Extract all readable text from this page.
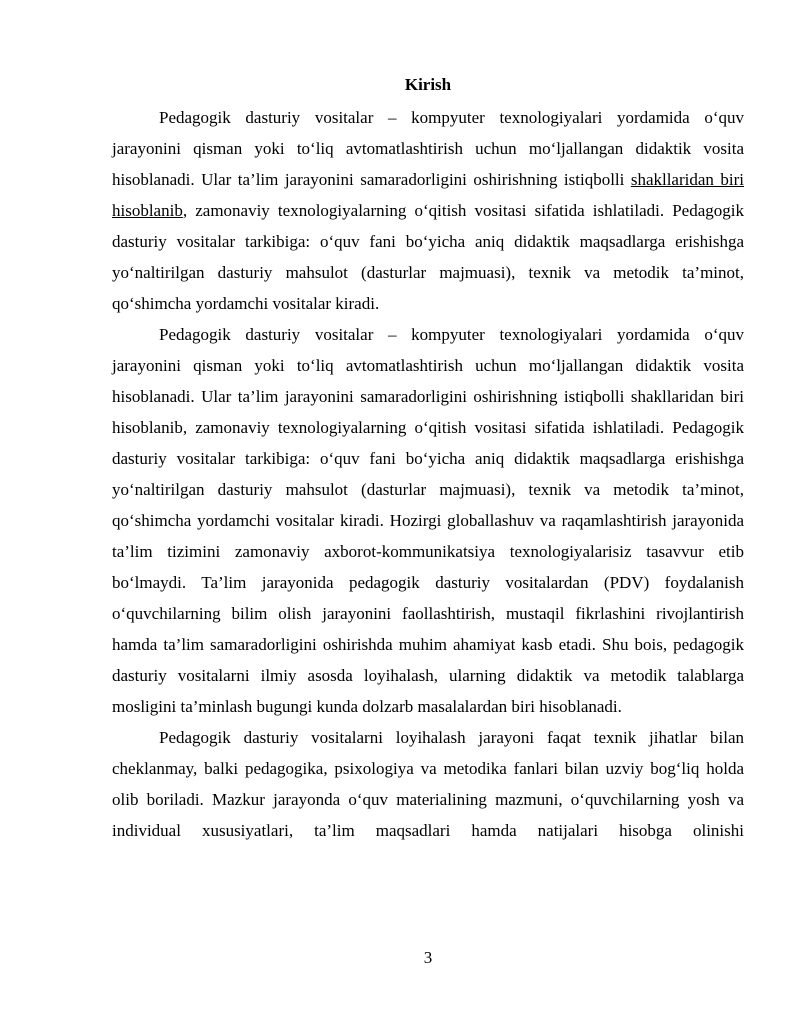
Kirish

Pedagogik dasturiy vositalar – kompyuter texnologiyalari yordamida o‘quv jarayonini qisman yoki to‘liq avtomatlashtirish uchun mo‘ljallangan didaktik vosita hisoblanadi. Ular ta’lim jarayonini samaradorligini oshirishning istiqbolli shakllaridan biri hisoblanib, zamonaviy texnologiyalarning o‘qitish vositasi sifatida ishlatiladi. Pedagogik dasturiy vositalar tarkibiga: o‘quv fani bo‘yicha aniq didaktik maqsadlarga erishishga yo‘naltirilgan dasturiy mahsulot (dasturlar majmuasi), texnik va metodik ta’minot, qo‘shimcha yordamchi vositalar kiradi.

Pedagogik dasturiy vositalar – kompyuter texnologiyalari yordamida o‘quv jarayonini qisman yoki to‘liq avtomatlashtirish uchun mo‘ljallangan didaktik vosita hisoblanadi. Ular ta’lim jarayonini samaradorligini oshirishning istiqbolli shakllaridan biri hisoblanib, zamonaviy texnologiyalarning o‘qitish vositasi sifatida ishlatiladi. Pedagogik dasturiy vositalar tarkibiga: o‘quv fani bo‘yicha aniq didaktik maqsadlarga erishishga yo‘naltirilgan dasturiy mahsulot (dasturlar majmuasi), texnik va metodik ta’minot, qo‘shimcha yordamchi vositalar kiradi. Hozirgi globallashuv va raqamlashtirish jarayonida ta’lim tizimini zamonaviy axborot-kommunikatsiya texnologiyalarisiz tasavvur etib bo‘lmaydi. Ta’lim jarayonida pedagogik dasturiy vositalardan (PDV) foydalanish o‘quvchilarning bilim olish jarayonini faollashtirish, mustaqil fikrlashini rivojlantirish hamda ta’lim samaradorligini oshirishda muhim ahamiyat kasb etadi. Shu bois, pedagogik dasturiy vositalarni ilmiy asosda loyihalash, ularning didaktik va metodik talablarga mosligini ta’minlash bugungi kunda dolzarb masalalardan biri hisoblanadi.

Pedagogik dasturiy vositalarni loyihalash jarayoni faqat texnik jihatlar bilan cheklanmay, balki pedagogika, psixologiya va metodika fanlari bilan uzviy bog‘liq holda olib boriladi. Mazkur jarayonda o‘quv materialining mazmuni, o‘quvchilarning yosh va individual xususiyatlari, ta’lim maqsadlari hamda natijalari hisobga olinishi

3
